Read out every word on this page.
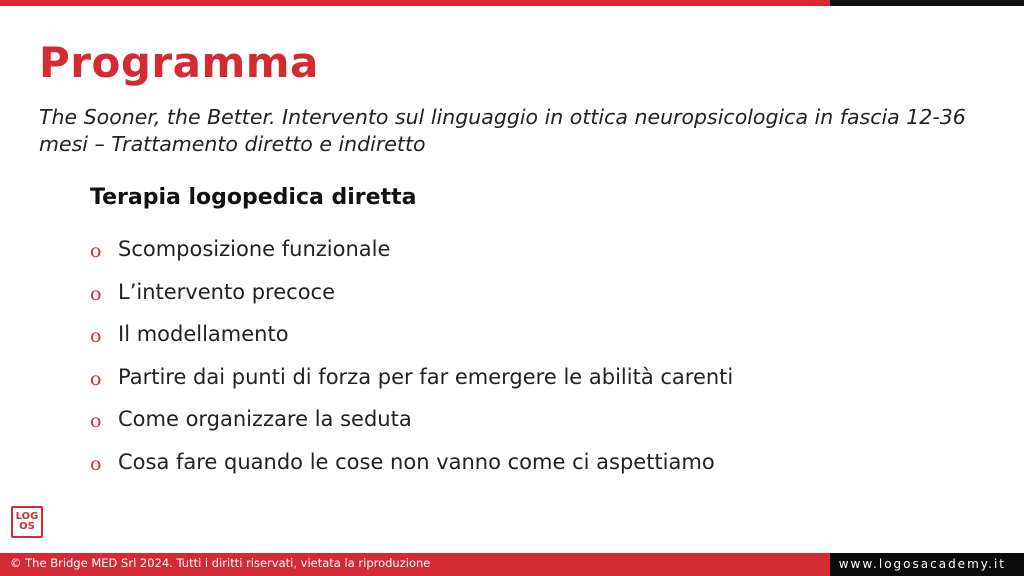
Programma

The Sooner, the Better. Intervento sul linguaggio in ottica neuropsicologica in fascia 12-36 mesi – Trattamento diretto e indiretto

Terapia logopedica diretta
o Scomposizione funzionale
o L’intervento precoce
o Il modellamento
o Partire dai punti di forza per far emergere le abilità carenti
o Come organizzare la seduta
o Cosa fare quando le cose non vanno come ci aspettiamo
LOG
OS
© The Bridge MED Srl 2024. Tutti i diritti riservati, vietata la riproduzione	www.logosacademy.it
